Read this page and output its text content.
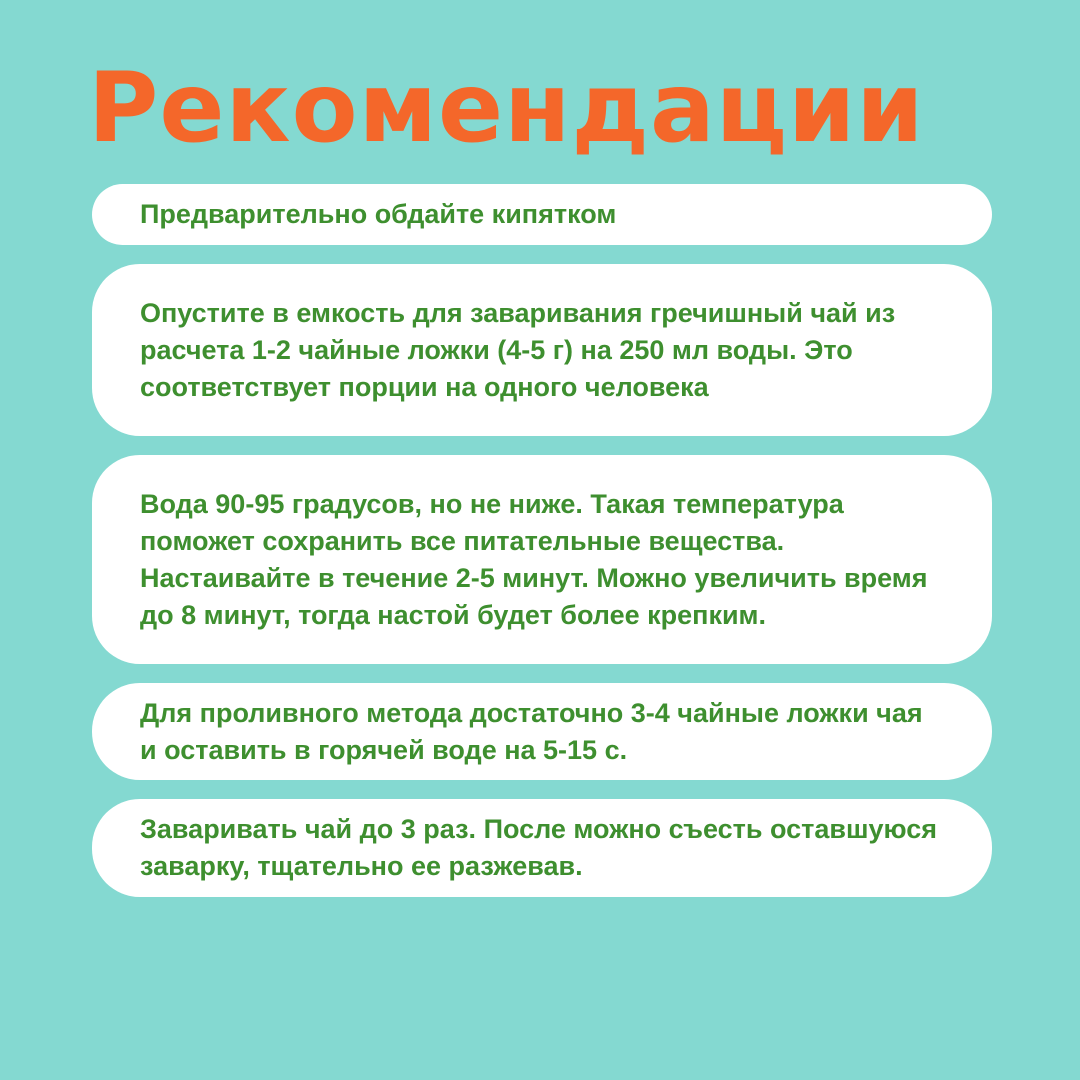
Рекомендации

Предварительно обдайте кипятком

Опустите в емкость для заваривания гречишный чай из расчета 1-2 чайные ложки (4-5 г) на 250 мл воды. Это соответствует порции на одного человека

Вода 90-95 градусов, но не ниже. Такая температура поможет сохранить все питательные вещества. Настаивайте в течение 2-5 минут. Можно увеличить время до 8 минут, тогда настой будет более крепким.

Для проливного метода достаточно 3-4 чайные ложки чая и оставить в горячей воде на 5-15 с.

Заваривать чай до 3 раз. После можно съесть оставшуюся заварку, тщательно ее разжевав.
